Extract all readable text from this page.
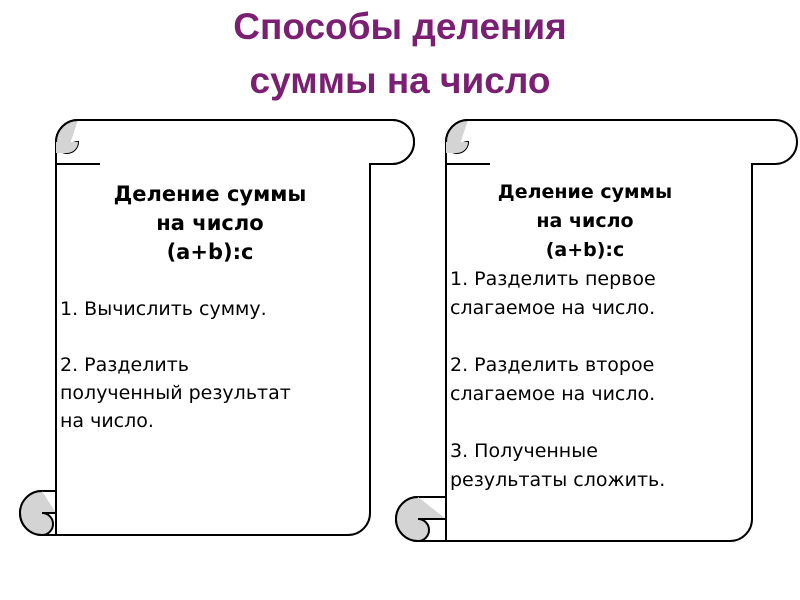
Способы деления
суммы на число
Деление суммы
на число
(a+b):c
1. Вычислить сумму.
2. Разделить
полученный результат
на число.
Деление суммы
на число
(a+b):c
1. Разделить первое
слагаемое на число.
2. Разделить второе
слагаемое на число.
3. Полученные
результаты сложить.
